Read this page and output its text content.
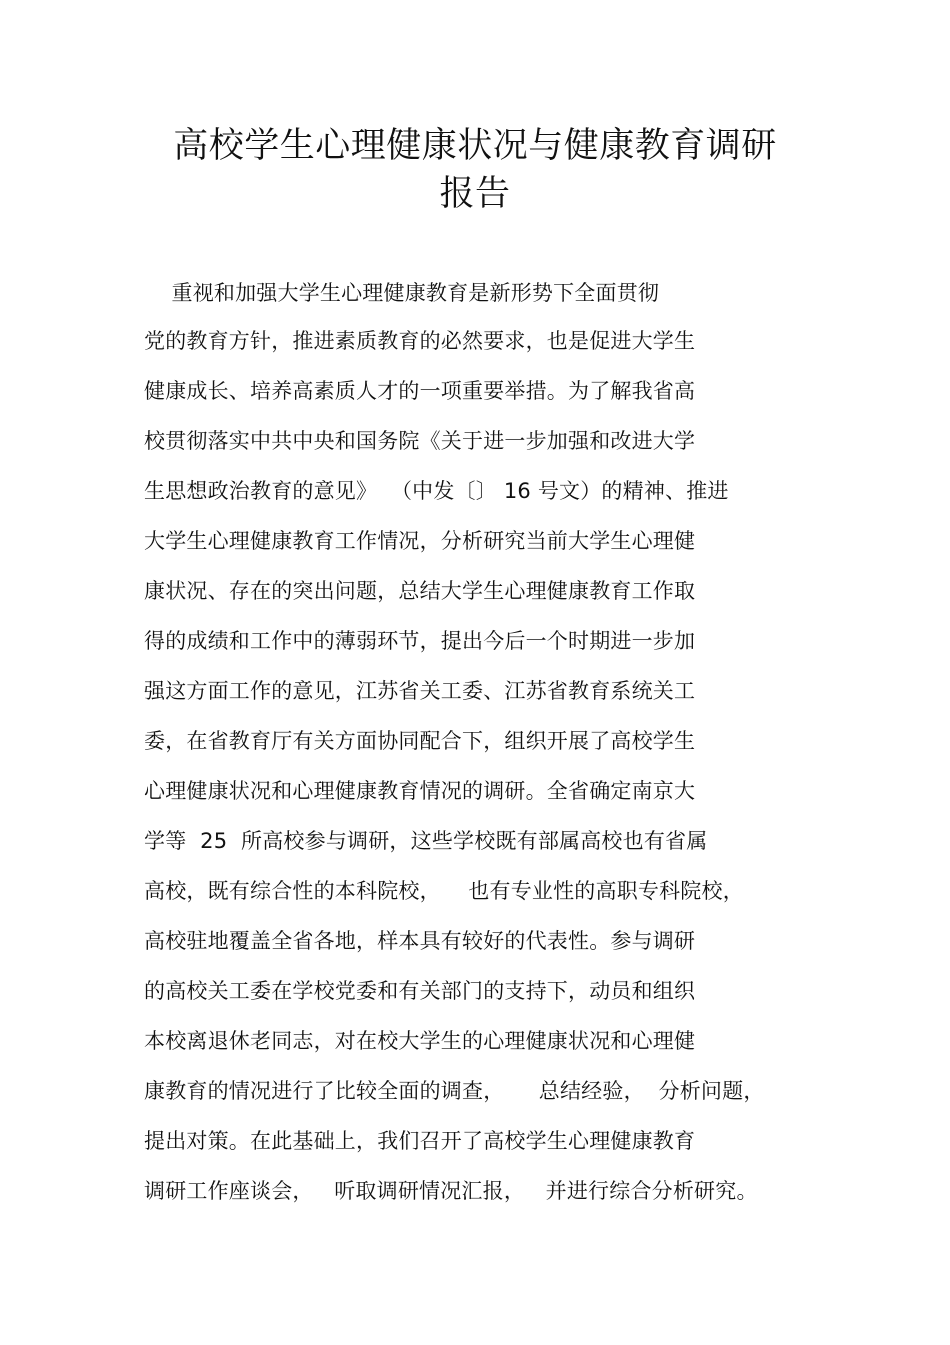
高校学生心理健康状况与健康教育调研
报告
重视和加强大学生心理健康教育是新形势下全面贯彻
党的教育方针，推进素质教育的必然要求，也是促进大学生
健康成长、培养高素质人才的一项重要举措。为了解我省高
校贯彻落实中共中央和国务院《关于进一步加强和改进大学
生思想政治教育的意见》  （中发〔〕 16 号文）的精神、推进
大学生心理健康教育工作情况，分析研究当前大学生心理健
康状况、存在的突出问题，总结大学生心理健康教育工作取
得的成绩和工作中的薄弱环节，提出今后一个时期进一步加
强这方面工作的意见，江苏省关工委、江苏省教育系统关工
委，在省教育厅有关方面协同配合下，组织开展了高校学生
心理健康状况和心理健康教育情况的调研。全省确定南京大
学等  25  所高校参与调研，这些学校既有部属高校也有省属
高校，既有综合性的本科院校，    也有专业性的高职专科院校，
高校驻地覆盖全省各地，样本具有较好的代表性。参与调研
的高校关工委在学校党委和有关部门的支持下，动员和组织
本校离退休老同志，对在校大学生的心理健康状况和心理健
康教育的情况进行了比较全面的调查，     总结经验，  分析问题，
提出对策。在此基础上，我们召开了高校学生心理健康教育
调研工作座谈会，   听取调研情况汇报，   并进行综合分析研究。
